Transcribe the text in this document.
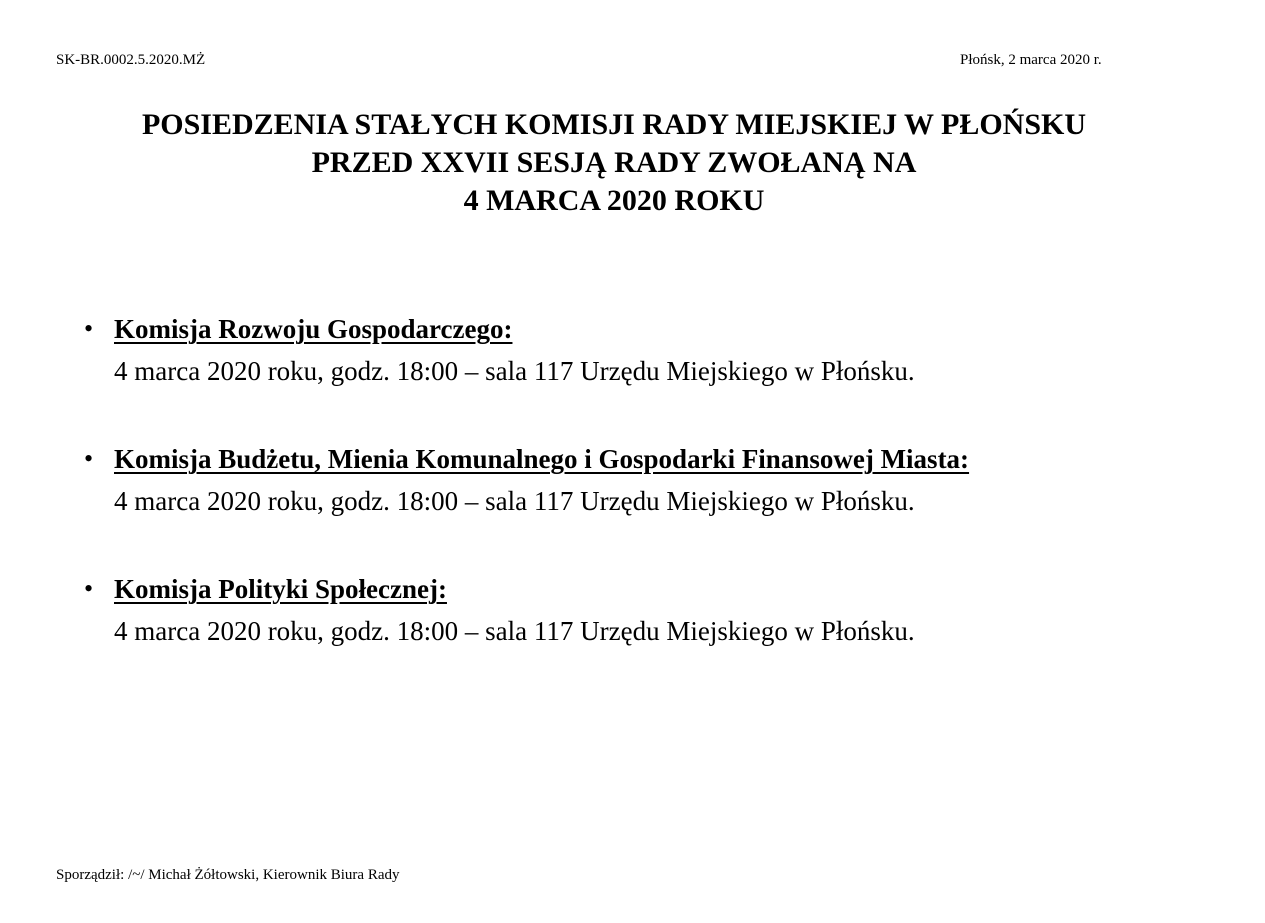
SK-BR.0002.5.2020.MŻ	Płońsk, 2 marca 2020 r.
POSIEDZENIA STAŁYCH KOMISJI RADY MIEJSKIEJ W PŁOŃSKU
PRZED XXVII SESJĄ RADY ZWOŁANĄ NA
4 MARCA 2020 ROKU
• Komisja Rozwoju Gospodarczego:
4 marca 2020 roku, godz. 18:00 – sala 117 Urzędu Miejskiego w Płońsku.
• Komisja Budżetu, Mienia Komunalnego i Gospodarki Finansowej Miasta:
4 marca 2020 roku, godz. 18:00 – sala 117 Urzędu Miejskiego w Płońsku.
• Komisja Polityki Społecznej:
4 marca 2020 roku, godz. 18:00 – sala 117 Urzędu Miejskiego w Płońsku.
Sporządził: /~/ Michał Żółtowski, Kierownik Biura Rady
